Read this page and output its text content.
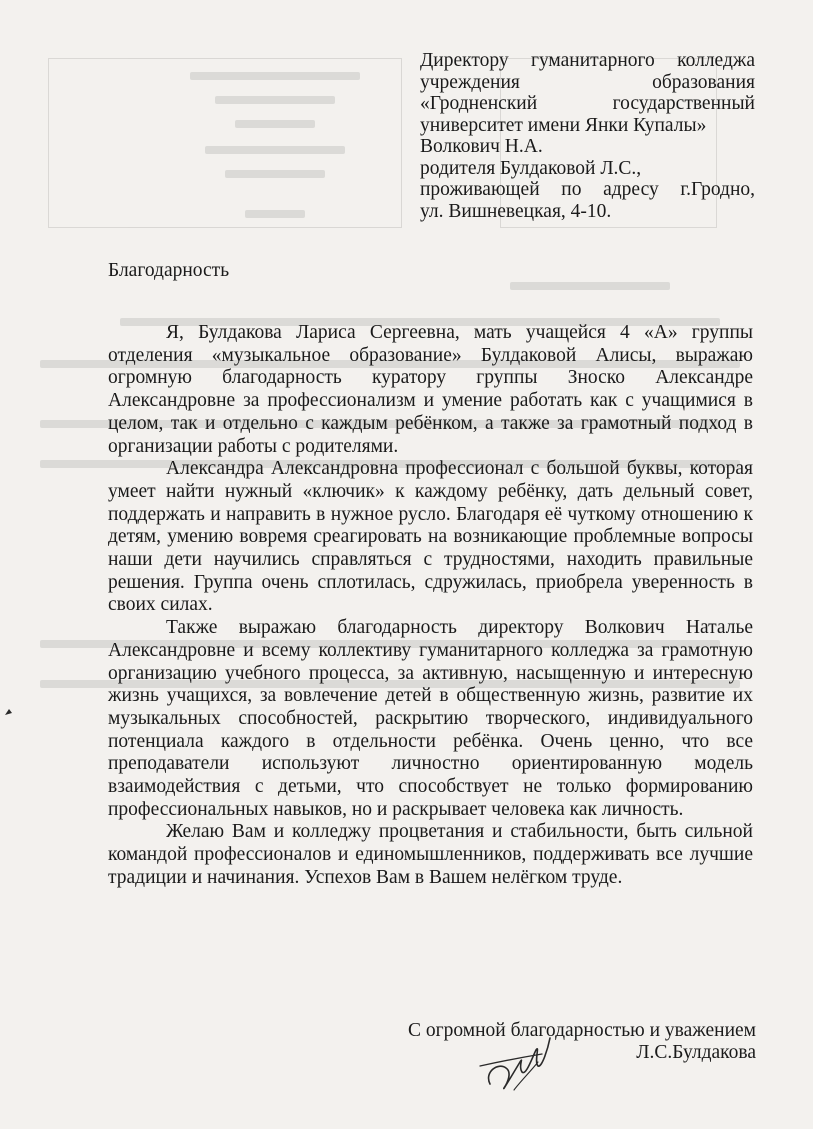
Директору гуманитарного колледжа
учреждения образования
«Гродненский государственный
университет имени Янки Купалы»
Волкович Н.А.
родителя Булдаковой Л.С.,
проживающей по адресу г.Гродно,
ул. Вишневецкая, 4-10.
Благодарность

Я, Булдакова Лариса Сергеевна, мать учащейся 4 «А» группы отделения «музыкальное образование» Булдаковой Алисы, выражаю огромную благодарность куратору группы Зноско Александре Александровне за профессионализм и умение работать как с учащимися в целом, так и отдельно с каждым ребёнком, а также за грамотный подход в организации работы с родителями.

Александра Александровна профессионал с большой буквы, которая умеет найти нужный «ключик» к каждому ребёнку, дать дельный совет, поддержать и направить в нужное русло. Благодаря её чуткому отношению к детям, умению вовремя среагировать на возникающие проблемные вопросы наши дети научились справляться с трудностями, находить правильные решения. Группа очень сплотилась, сдружилась, приобрела уверенность в своих силах.

Также выражаю благодарность директору Волкович Наталье Александровне и всему коллективу гуманитарного колледжа за грамотную организацию учебного процесса, за активную, насыщенную и интересную жизнь учащихся, за вовлечение детей в общественную жизнь, развитие их музыкальных способностей, раскрытию творческого, индивидуального потенциала каждого в отдельности ребёнка. Очень ценно, что все преподаватели используют личностно ориентированную модель взаимодействия с детьми, что способствует не только формированию профессиональных навыков, но и раскрывает человека как личность.

Желаю Вам и колледжу процветания и стабильности, быть сильной командой профессионалов и единомышленников, поддерживать все лучшие традиции и начинания. Успехов Вам в Вашем нелёгком труде.

С огромной благодарностью и уважением
Л.С.Булдакова
